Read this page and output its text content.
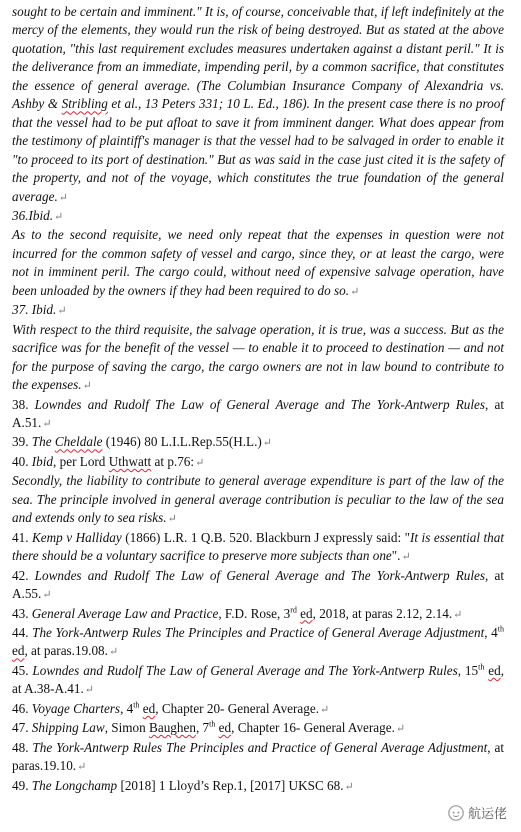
sought to be certain and imminent." It is, of course, conceivable that, if left indefinitely at the mercy of the elements, they would run the risk of being destroyed. But as stated at the above quotation, "this last requirement excludes measures undertaken against a distant peril." It is the deliverance from an immediate, impending peril, by a common sacrifice, that constitutes the essence of general average. (The Columbian Insurance Company of Alexandria vs. Ashby & Stribling et al., 13 Peters 331; 10 L. Ed., 186). In the present case there is no proof that the vessel had to be put afloat to save it from imminent danger. What does appear from the testimony of plaintiff's manager is that the vessel had to be salvaged in order to enable it "to proceed to its port of destination." But as was said in the case just cited it is the safety of the property, and not of the voyage, which constitutes the true foundation of the general average.↵

36.Ibid.↵

As to the second requisite, we need only repeat that the expenses in question were not incurred for the common safety of vessel and cargo, since they, or at least the cargo, were not in imminent peril. The cargo could, without need of expensive salvage operation, have been unloaded by the owners if they had been required to do so.↵

37. Ibid.↵

With respect to the third requisite, the salvage operation, it is true, was a success. But as the sacrifice was for the benefit of the vessel — to enable it to proceed to destination — and not for the purpose of saving the cargo, the cargo owners are not in law bound to contribute to the expenses.↵

38. Lowndes and Rudolf The Law of General Average and The York-Antwerp Rules, at A.51.↵

39. The Cheldale (1946) 80 L.I.L.Rep.55(H.L.)↵

40. Ibid, per Lord Uthwatt at p.76:↵

Secondly, the liability to contribute to general average expenditure is part of the law of the sea. The principle involved in general average contribution is peculiar to the law of the sea and extends only to sea risks.↵

41. Kemp v Halliday (1866) L.R. 1 Q.B. 520. Blackburn J expressly said: "It is essential that there should be a voluntary sacrifice to preserve more subjects than one".↵

42. Lowndes and Rudolf The Law of General Average and The York-Antwerp Rules, at A.55.↵

43. General Average Law and Practice, F.D. Rose, 3rd ed, 2018, at paras 2.12, 2.14.↵

44. The York-Antwerp Rules The Principles and Practice of General Average Adjustment, 4th ed, at paras.19.08.↵

45. Lowndes and Rudolf The Law of General Average and The York-Antwerp Rules, 15th ed, at A.38-A.41.↵

46. Voyage Charters, 4th ed, Chapter 20- General Average.↵

47. Shipping Law, Simon Baughen, 7th ed, Chapter 16- General Average.↵

48. The York-Antwerp Rules The Principles and Practice of General Average Adjustment, at paras.19.10.↵

49. The Longchamp [2018] 1 Lloyd’s Rep.1, [2017] UKSC 68.↵

航运佬
